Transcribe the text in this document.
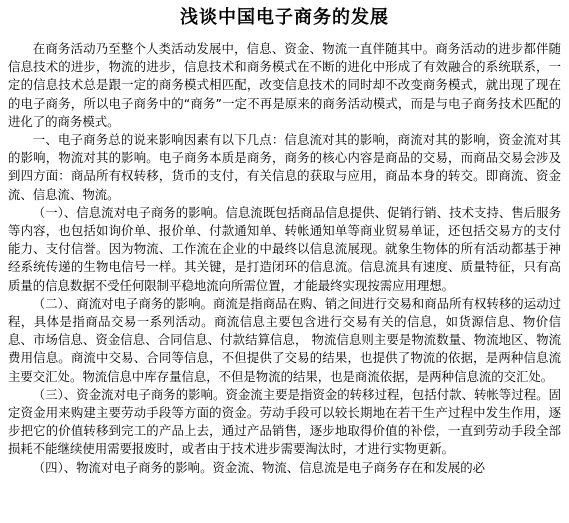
浅谈中国电子商务的发展

在商务活动乃至整个人类活动发展中，信息、资金、物流一直伴随其中。商务活动的进步都伴随信息技术的进步，物流的进步，信息技术和商务模式在不断的进化中形成了有效融合的系统联系，一定的信息技术总是跟一定的商务模式相匹配，改变信息技术的同时却不改变商务模式，就出现了现在的电子商务，所以电子商务中的“商务”一定不再是原来的商务活动模式，而是与电子商务技术匹配的进化了的商务模式。

一、电子商务总的说来影响因素有以下几点：信息流对其的影响，商流对其的影响，资金流对其的影响，物流对其的影响。电子商务本质是商务，商务的核心内容是商品的交易，而商品交易会涉及到四方面：商品所有权转移，货币的支付，有关信息的获取与应用，商品本身的转交。即商流、资金流、信息流、物流。

（一）、信息流对电子商务的影响。信息流既包括商品信息提供、促销行销、技术支持、售后服务等内容，也包括如询价单、报价单、付款通知单、转帐通知单等商业贸易单证，还包括交易方的支付能力、支付信誉。因为物流、工作流在企业的中最终以信息流展现。就象生物体的所有活动都基于神经系统传递的生物电信号一样。其关键，是打造闭环的信息流。信息流具有速度、质量特征，只有高质量的信息数据不受任何限制平稳地流向所需位置，才能最终实现按需应用理想。

（二）、商流对电子商务的影响。商流是指商品在购、销之间进行交易和商品所有权转移的运动过程，具体是指商品交易一系列活动。商流信息主要包含进行交易有关的信息，如货源信息、物价信息、市场信息、资金信息、合同信息、付款结算信息， 物流信息则主要是物流数量、物流地区、物流费用信息。商流中交易、合同等信息，不但提供了交易的结果，也提供了物流的依据，是两种信息流主要交汇处。物流信息中库存量信息，不但是物流的结果，也是商流依据，是两种信息流的交汇处。

（三）、资金流对电子商务的影响。资金流主要是指资金的转移过程，包括付款、转帐等过程。固定资金用来购建主要劳动手段等方面的资金。劳动手段可以较长期地在若干生产过程中发生作用，逐步把它的价值转移到完工的产品上去，通过产品销售，逐步地取得价值的补偿，一直到劳动手段全部损耗不能继续使用需要报废时，或者由于技术进步需要淘汰时，才进行实物更新。

（四）、物流对电子商务的影响。资金流、物流、信息流是电子商务存在和发展的必
